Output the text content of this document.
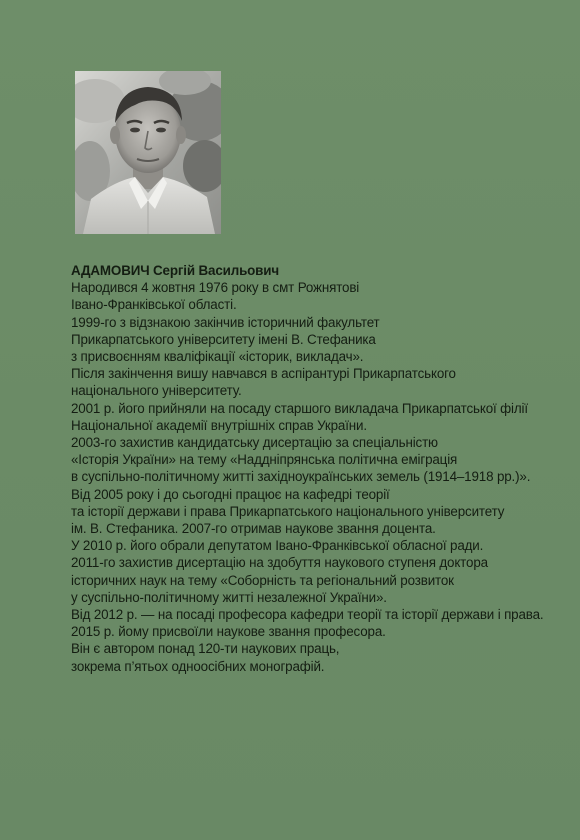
АДАМОВИЧ Сергій Васильович
Народився 4 жовтня 1976 року в смт Рожнятові
Івано-Франківської області.
1999-го з відзнакою закінчив історичний факультет
Прикарпатського університету імені В. Стефаника
з присвоєнням кваліфікації «історик, викладач».
Після закінчення вишу навчався в аспірантурі Прикарпатського
національного університету.
2001 р. його прийняли на посаду старшого викладача Прикарпатської філії
Національної академії внутрішніх справ України.
2003-го захистив кандидатську дисертацію за спеціальністю
«Історія України» на тему «Наддніпрянська політична еміграція
в суспільно-політичному житті західноукраїнських земель (1914–1918 рр.)».
Від 2005 року і до сьогодні працює на кафедрі теорії
та історії держави і права Прикарпатського національного університету
ім. В. Стефаника. 2007-го отримав наукове звання доцента.
У 2010 р. його обрали депутатом Івано-Франківської обласної ради.
2011-го захистив дисертацію на здобуття наукового ступеня доктора
історичних наук на тему «Соборність та регіональний розвиток
у суспільно-політичному житті незалежної України».
Від 2012 р. — на посаді професора кафедри теорії та історії держави і права.
2015 р. йому присвоїли наукове звання професора.
Він є автором понад 120-ти наукових праць,
зокрема п’ятьох одноосібних монографій.
